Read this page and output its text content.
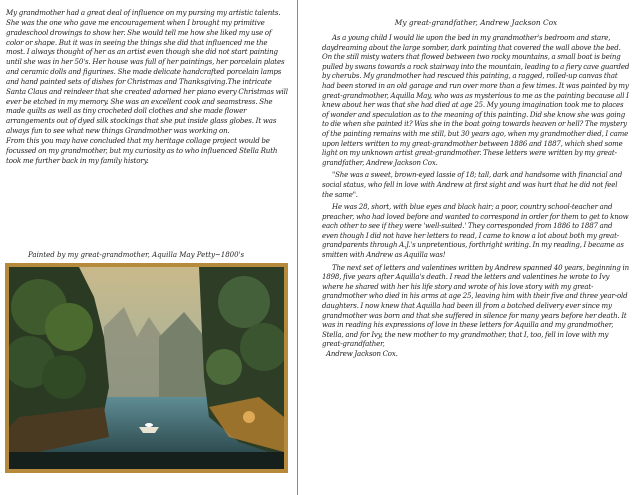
My grandmother had a great deal of influence on my pursing my artistic talents. She was the one who gave me encouragement when I brought my primitive gradeschool drowings to show her. She would tell me how she liked my use of color or shape. But it was in seeing the things she did that influenced me the most. I always thought of her as an artist even though she did not start painting until she was in her 50's. Her house was full of her paintings, her porcelain plates and ceramic dolls and figurines. She made delicate handcrafted porcelain lamps and hand painted sets of dishes for Christmas and Thanksgiving.The intricate Santa Claus and reindeer that she created adorned her piano every Christmas will ever be etched in my memory. She was an excellent cook and seamstress. She made quilts as well as tiny crocheted doll clothes and she made flower arrangements out of dyed silk stockings that she put inside glass globes. It was always fun to see what new things Grandmother was working on.

From this you may have concluded that my heritage collage project would be focussed on my grandmother, but my curiosity as to who influenced Stella Ruth took me further back in my family history.

Painted by my great-grandmother, Aquilla May Petty~1800's
My great-grandfather, Andrew Jackson Cox

As a young child I would lie upon the bed in my grandmother's bedroom and stare, daydreaming about the large somber, dark painting that covered the wall above the bed. On the still misty waters that flowed between two rocky mountains, a small boat is being pulled by swans towards a rock stairway into the mountain, leading to a fiery cave guarded by cherubs. My grandmother had rescued this painting, a ragged, rolled-up canvas that had been stored in an old garage and run over more than a few times. It was painted by my great-grandmother, Aquilla May, who was as mysterious to me as the painting because all I knew about her was that she had died at age 25. My young imagination took me to places of wonder and speculation as to the meaning of this painting. Did she know she was going to die when she painted it? Was she in the boat going towards heaven or hell? The mystery of the painting remains with me still, but 30 years ago, when my grandmother died, I came upon letters written to my great-grandmother between 1886 and 1887, which shed some light on my unknown artist great-grandmother. These letters were written by my great-grandfather, Andrew Jackson Cox.

"She was a sweet, brown-eyed lassie of 18; tall, dark and handsome with financial and social status, who fell in love with Andrew at first sight and was hurt that he did not feel the same".

He was 28, short, with blue eyes and black hair; a poor, country school-teacher and preacher, who had loved before and wanted to correspond in order for them to get to know each other to see if they were 'well-suited.' They corresponded from 1886 to 1887 and even though I did not have her letters to read, I came to know a lot about both my great-grandparents through A.J.'s unpretentious, forthright writing. In my reading, I became as smitten with Andrew as Aquilla was!

The next set of letters and valentines written by Andrew spanned 40 years, beginning in 1898, five years after Aquilla's death. I read the letters and valentines he wrote to Ivy where he shared with her his life story and wrote of his love story with my great-grandmother who died in his arms at age 25, leaving him with their five and three year-old daughters. I now knew that Aquilla had been ill from a botched delivery ever since my grandmother was born and that she suffered in silence for many years before her death. It was in reading his expressions of love in these letters for Aquilla and my grandmother, Stella, and for Ivy, the new mother to my grandmother, that I, too, fell in love with my great-grandfather,

Andrew Jackson Cox.
